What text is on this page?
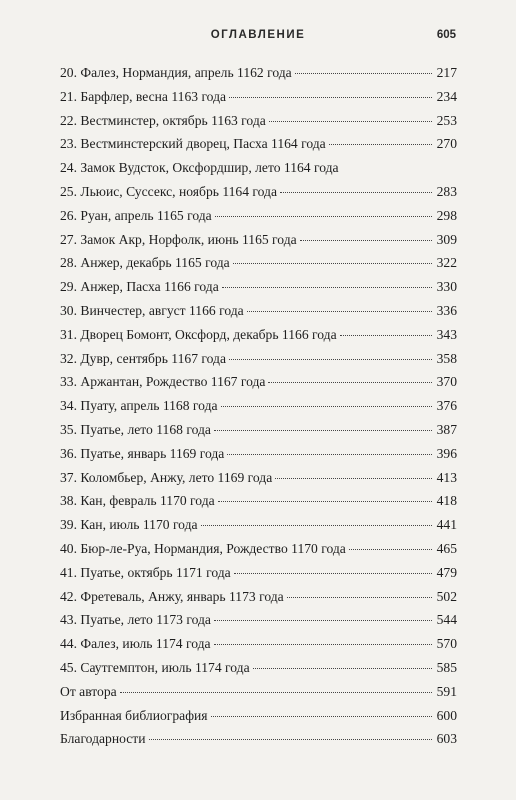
ОГЛАВЛЕНИЕ	605
20. Фалез, Нормандия, апрель 1162 года	217
21. Барфлер, весна 1163 года	234
22. Вестминстер, октябрь 1163 года	253
23. Вестминстерский дворец, Пасха 1164 года	270
24. Замок Вудсток, Оксфордшир, лето 1164 года
25. Льюис, Суссекс, ноябрь 1164 года	283
26. Руан, апрель 1165 года	298
27. Замок Акр, Норфолк, июнь 1165 года	309
28. Анжер, декабрь 1165 года	322
29. Анжер, Пасха 1166 года	330
30. Винчестер, август 1166 года	336
31. Дворец Бомонт, Оксфорд, декабрь 1166 года	343
32. Дувр, сентябрь 1167 года	358
33. Аржантан, Рождество 1167 года	370
34. Пуату, апрель 1168 года	376
35. Пуатье, лето 1168 года	387
36. Пуатье, январь 1169 года	396
37. Коломбьер, Анжу, лето 1169 года	413
38. Кан, февраль 1170 года	418
39. Кан, июль 1170 года	441
40. Бюр-ле-Руа, Нормандия, Рождество 1170 года	465
41. Пуатье, октябрь 1171 года	479
42. Фретеваль, Анжу, январь 1173 года	502
43. Пуатье, лето 1173 года	544
44. Фалез, июль 1174 года	570
45. Саутгемптон, июль 1174 года	585
От автора	591
Избранная библиография	600
Благодарности	603
